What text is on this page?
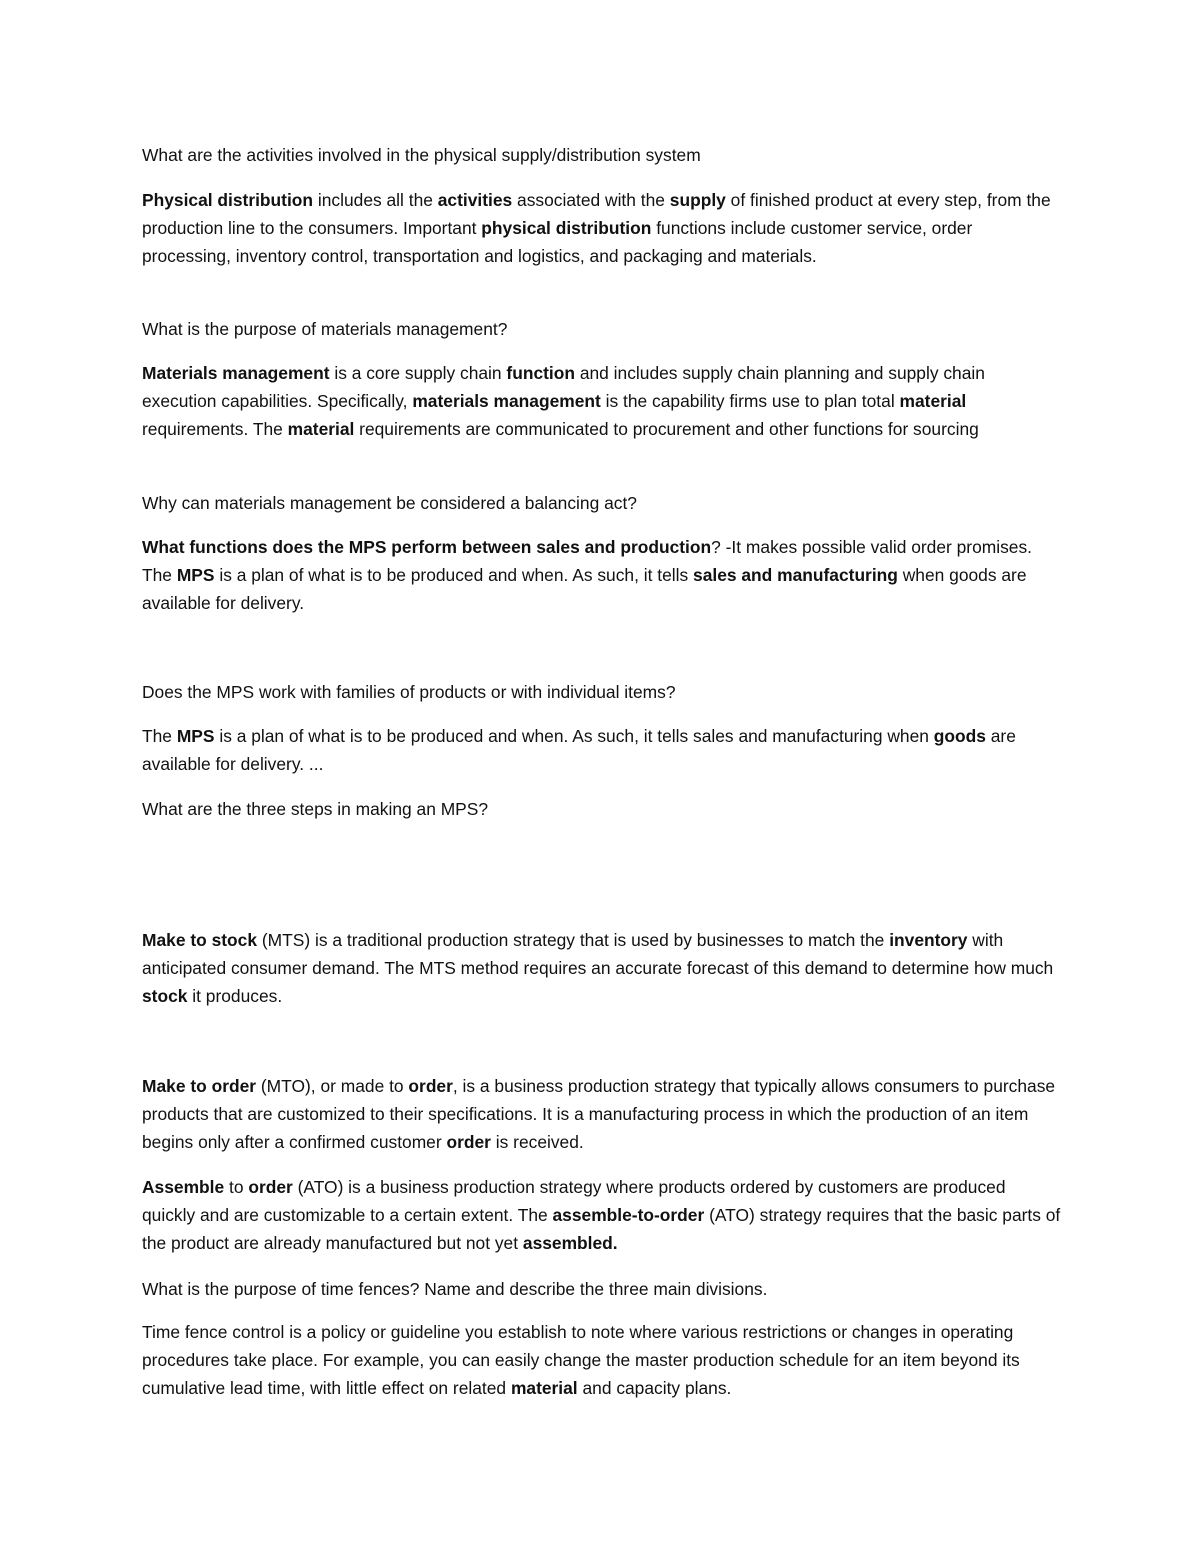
What are the activities involved in the physical supply/distribution system

Physical distribution includes all the activities associated with the supply of finished product at every step, from the production line to the consumers. Important physical distribution functions include customer service, order processing, inventory control, transportation and logistics, and packaging and materials.

What is the purpose of materials management?

Materials management is a core supply chain function and includes supply chain planning and supply chain execution capabilities. Specifically, materials management is the capability firms use to plan total material requirements. The material requirements are communicated to procurement and other functions for sourcing

Why can materials management be considered a balancing act?

What functions does the MPS perform between sales and production? -It makes possible valid order promises. The MPS is a plan of what is to be produced and when. As such, it tells sales and manufacturing when goods are available for delivery.

Does the MPS work with families of products or with individual items?

The MPS is a plan of what is to be produced and when. As such, it tells sales and manufacturing when goods are available for delivery. ...

What are the three steps in making an MPS?

Make to stock (MTS) is a traditional production strategy that is used by businesses to match the inventory with anticipated consumer demand. The MTS method requires an accurate forecast of this demand to determine how much stock it produces.

Make to order (MTO), or made to order, is a business production strategy that typically allows consumers to purchase products that are customized to their specifications. It is a manufacturing process in which the production of an item begins only after a confirmed customer order is received.

Assemble to order (ATO) is a business production strategy where products ordered by customers are produced quickly and are customizable to a certain extent. The assemble-to-order (ATO) strategy requires that the basic parts of the product are already manufactured but not yet assembled.

What is the purpose of time fences? Name and describe the three main divisions.

Time fence control is a policy or guideline you establish to note where various restrictions or changes in operating procedures take place. For example, you can easily change the master production schedule for an item beyond its cumulative lead time, with little effect on related material and capacity plans.
